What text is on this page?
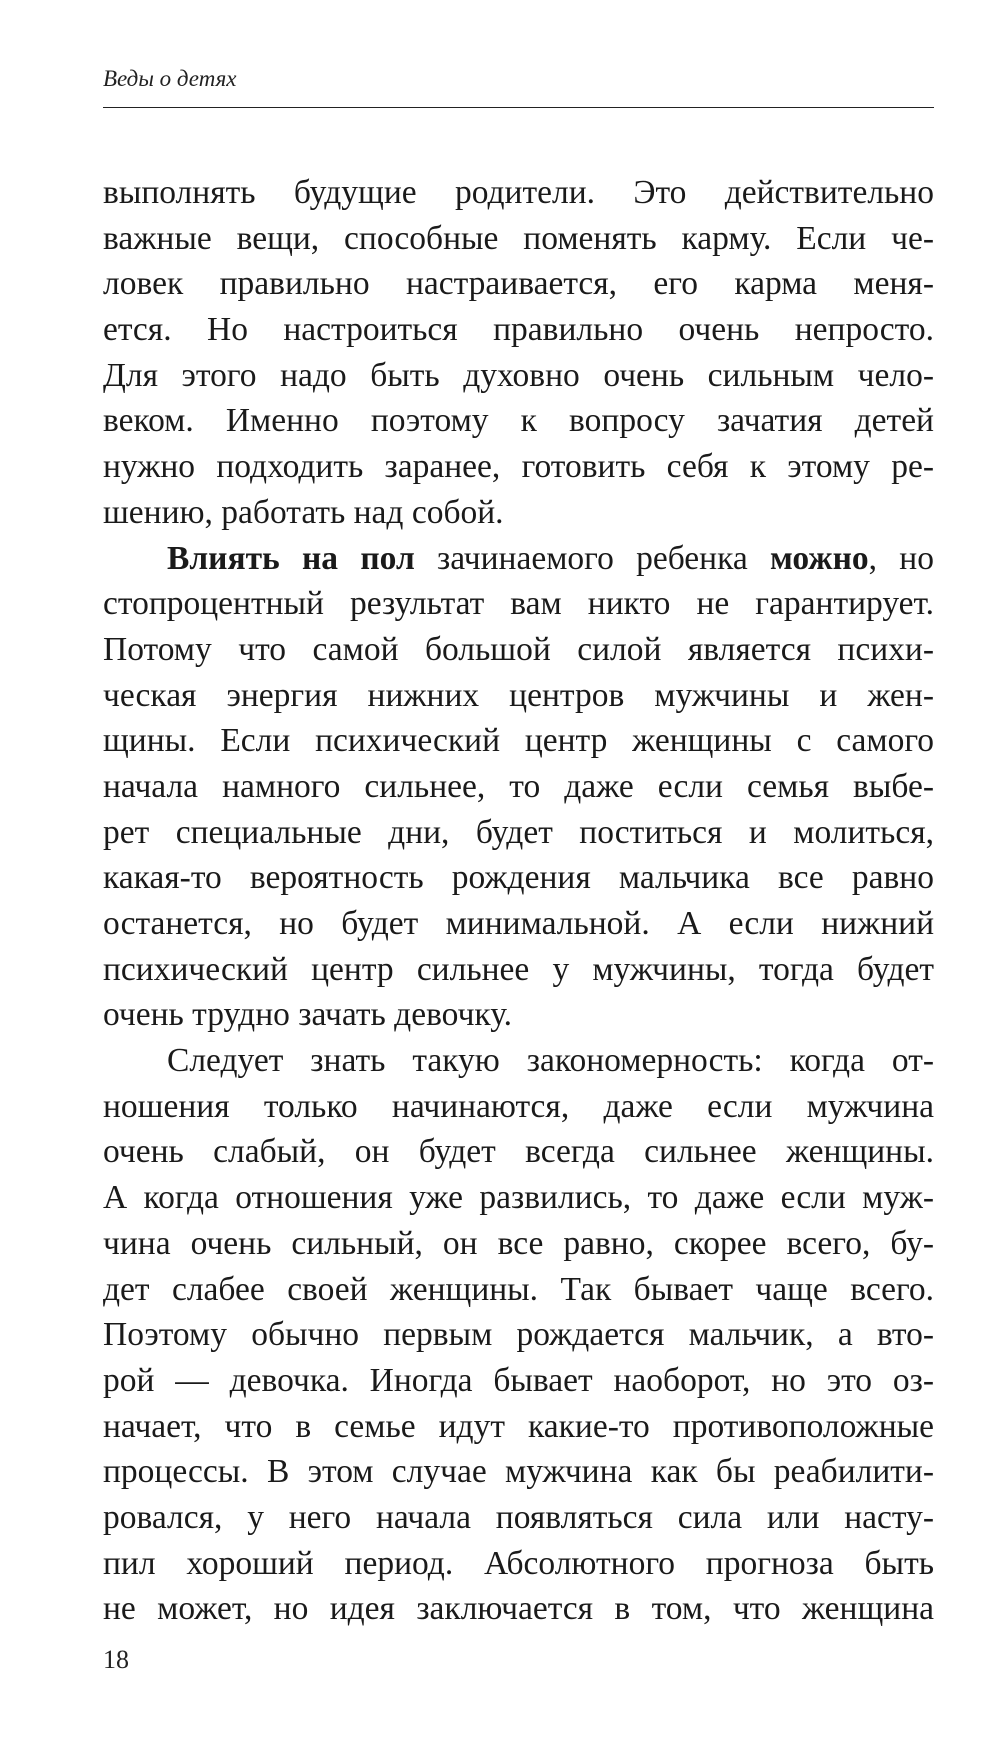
Веды о детях
выполнять будущие родители. Это действительно
важные вещи, способные поменять карму. Если че-
ловек правильно настраивается, его карма меня-
ется. Но настроиться правильно очень непросто.
Для этого надо быть духовно очень сильным чело-
веком. Именно поэтому к вопросу зачатия детей
нужно подходить заранее, готовить себя к этому ре-
шению, работать над собой.
Влиять на пол зачинаемого ребенка можно, но
стопроцентный результат вам никто не гарантирует.
Потому что самой большой силой является психи-
ческая энергия нижних центров мужчины и жен-
щины. Если психический центр женщины с самого
начала намного сильнее, то даже если семья выбе-
рет специальные дни, будет поститься и молиться,
какая-то вероятность рождения мальчика все равно
останется, но будет минимальной. А если нижний
психический центр сильнее у мужчины, тогда будет
очень трудно зачать девочку.
Следует знать такую закономерность: когда от-
ношения только начинаются, даже если мужчина
очень слабый, он будет всегда сильнее женщины.
А когда отношения уже развились, то даже если муж-
чина очень сильный, он все равно, скорее всего, бу-
дет слабее своей женщины. Так бывает чаще всего.
Поэтому обычно первым рождается мальчик, а вто-
рой — девочка. Иногда бывает наоборот, но это оз-
начает, что в семье идут какие-то противоположные
процессы. В этом случае мужчина как бы реабилити-
ровался, у него начала появляться сила или насту-
пил хороший период. Абсолютного прогноза быть
не может, но идея заключается в том, что женщина
18
